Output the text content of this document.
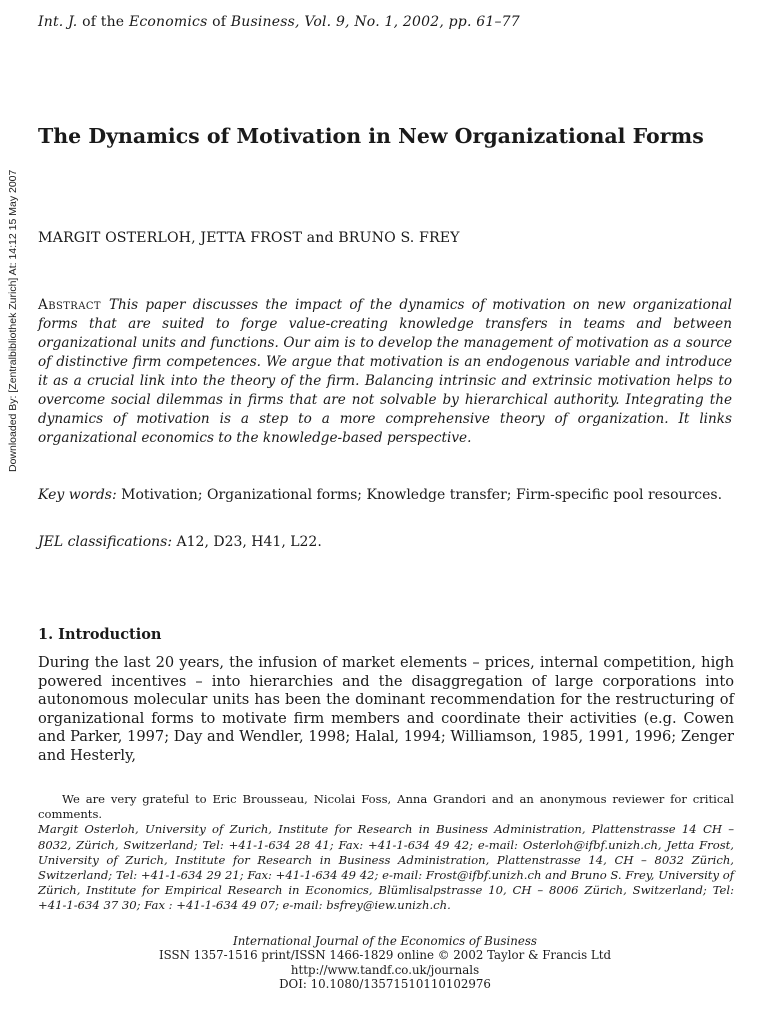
Int. J. of the Economics of Business, Vol. 9, No. 1, 2002, pp. 61–77
Downloaded By: [Zentralbibliothek Zurich] At: 14:12 15 May 2007
The Dynamics of Motivation in New Organizational Forms

MARGIT OSTERLOH, JETTA FROST and BRUNO S. FREY

Abstract This paper discusses the impact of the dynamics of motivation on new organizational forms that are suited to forge value-creating knowledge transfers in teams and between organizational units and functions. Our aim is to develop the management of motivation as a source of distinctive firm competences. We argue that motivation is an endogenous variable and introduce it as a crucial link into the theory of the firm. Balancing intrinsic and extrinsic motivation helps to overcome social dilemmas in firms that are not solvable by hierarchical authority. Integrating the dynamics of motivation is a step to a more comprehensive theory of organization. It links organizational economics to the knowledge-based perspective.

Key words: Motivation; Organizational forms; Knowledge transfer; Firm-specific pool resources.

JEL classifications: A12, D23, H41, L22.

1. Introduction

During the last 20 years, the infusion of market elements – prices, internal competition, high powered incentives – into hierarchies and the disaggregation of large corporations into autonomous molecular units has been the dominant recommendation for the restructuring of organizational forms to motivate firm members and coordinate their activities (e.g. Cowen and Parker, 1997; Day and Wendler, 1998; Halal, 1994; Williamson, 1985, 1991, 1996; Zenger and Hesterly,

We are very grateful to Eric Brousseau, Nicolai Foss, Anna Grandori and an anonymous reviewer for critical comments.

Margit Osterloh, University of Zurich, Institute for Research in Business Administration, Plattenstrasse 14 CH – 8032, Zürich, Switzerland; Tel: +41-1-634 28 41; Fax: +41-1-634 49 42; e-mail: Osterloh@ifbf.unizh.ch, Jetta Frost, University of Zurich, Institute for Research in Business Administration, Plattenstrasse 14, CH – 8032 Zürich, Switzerland; Tel: +41-1-634 29 21; Fax: +41-1-634 49 42; e-mail: Frost@ifbf.unizh.ch and Bruno S. Frey, University of Zürich, Institute for Empirical Research in Economics, Blümlisalpstrasse 10, CH – 8006 Zürich, Switzerland; Tel: +41-1-634 37 30; Fax : +41-1-634 49 07; e-mail: bsfrey@iew.unizh.ch.

International Journal of the Economics of Business
ISSN 1357-1516 print/ISSN 1466-1829 online © 2002 Taylor & Francis Ltd
http://www.tandf.co.uk/journals
DOI: 10.1080/13571510110102976
